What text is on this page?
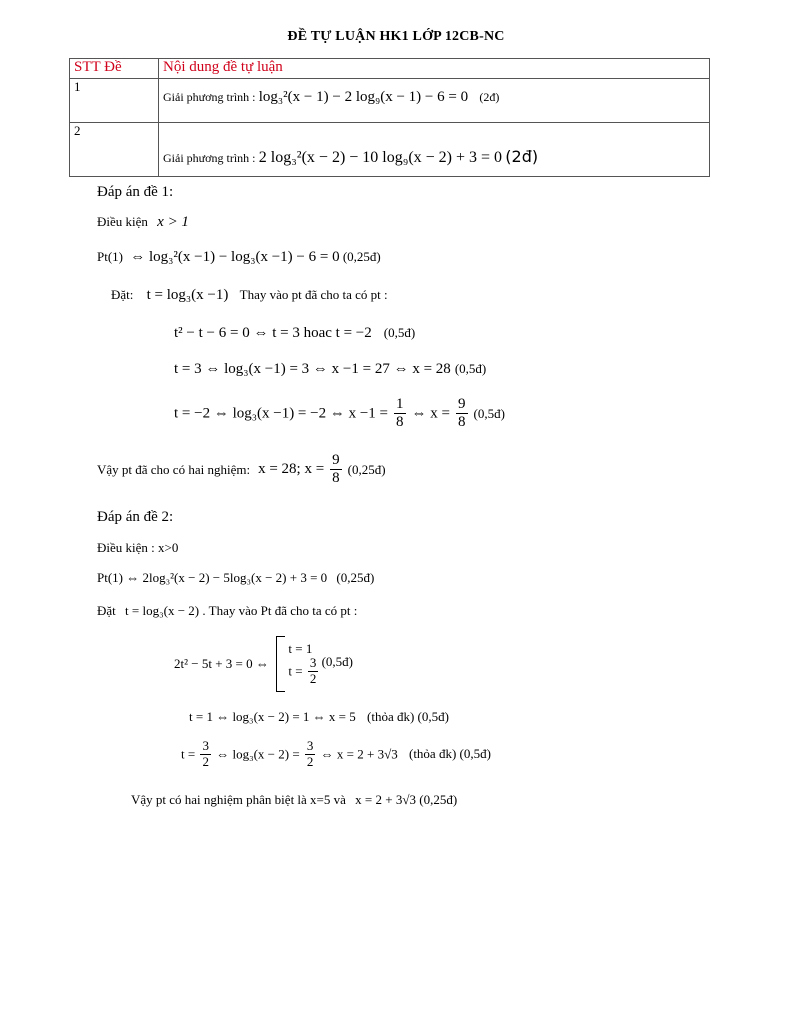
ĐỀ TỰ LUẬN HK1 LỚP 12CB-NC
STT Đề	Nội dung đề tự luận
1	Giải phương trình : log₃²(x − 1) − 2 log₉(x − 1) − 6 = 0 (2đ)

2	Giải phương trình : 2 log₃²(x − 2) − 10 log₉(x − 2) + 3 = 0 (2đ)
Đáp án đề 1:
Điều kiện x > 1
Pt(1) ⇔ log₃²(x −1) − log₃(x −1) − 6 = 0 (0,25đ)
Đặt: t = log₃(x −1) Thay vào pt đã cho ta có pt :
t² − t − 6 = 0 ⇔ t = 3 hoac t = −2 (0,5đ)
t = 3 ⇔ log₃(x −1) = 3 ⇔ x −1 = 27 ⇔ x = 28 (0,5đ)
t = −2 ⇔ log₃(x −1) = −2 ⇔ $x -1 = \frac{1}{8}$ ⇔ $x = \frac{9}{8}$ (0,5đ)
Vậy pt đã cho có hai nghiệm: x = 28; $x = \frac{9}{8}$ (0,25đ)
Đáp án đề 2:
Điều kiện : x>0
Pt(1) ⇔ 2log₃²(x − 2) − 5log₃(x − 2) + 3 = 0 (0,25đ)
Đặt t = log₃(x − 2) . Thay vào Pt đã cho ta có pt :
2t² − 5t + 3 = 0 ⇔
t = 1
$t = \frac{3}{2}$ (0,5đ)
t = 1 ⇔ log₃(x − 2) = 1 ⇔ x = 5 (thỏa đk) (0,5đ)
$t = \frac{3}{2}$ ⇔ $\log_3(x - 2) = \frac{3}{2}$ ⇔ x = 2 + 3√3 (thỏa đk) (0,5đ)
Vậy pt có hai nghiệm phân biệt là x=5 và x = 2 + 3√3 (0,25đ)
